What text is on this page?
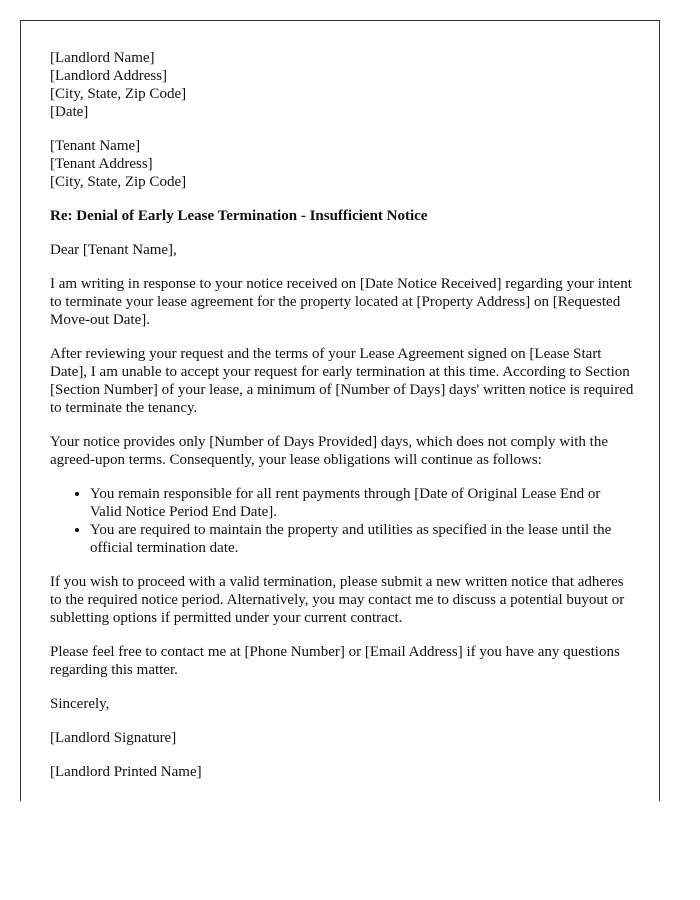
[Landlord Name]
[Landlord Address]
[City, State, Zip Code]
[Date]
[Tenant Name]
[Tenant Address]
[City, State, Zip Code]
Re: Denial of Early Lease Termination - Insufficient Notice

Dear [Tenant Name],

I am writing in response to your notice received on [Date Notice Received] regarding your intent to terminate your lease agreement for the property located at [Property Address] on [Requested Move-out Date].

After reviewing your request and the terms of your Lease Agreement signed on [Lease Start Date], I am unable to accept your request for early termination at this time. According to Section [Section Number] of your lease, a minimum of [Number of Days] days' written notice is required to terminate the tenancy.

Your notice provides only [Number of Days Provided] days, which does not comply with the agreed-upon terms. Consequently, your lease obligations will continue as follows:

• You remain responsible for all rent payments through [Date of Original Lease End or Valid Notice Period End Date].
• You are required to maintain the property and utilities as specified in the lease until the official termination date.

If you wish to proceed with a valid termination, please submit a new written notice that adheres to the required notice period. Alternatively, you may contact me to discuss a potential buyout or subletting options if permitted under your current contract.

Please feel free to contact me at [Phone Number] or [Email Address] if you have any questions regarding this matter.

Sincerely,

[Landlord Signature]

[Landlord Printed Name]
